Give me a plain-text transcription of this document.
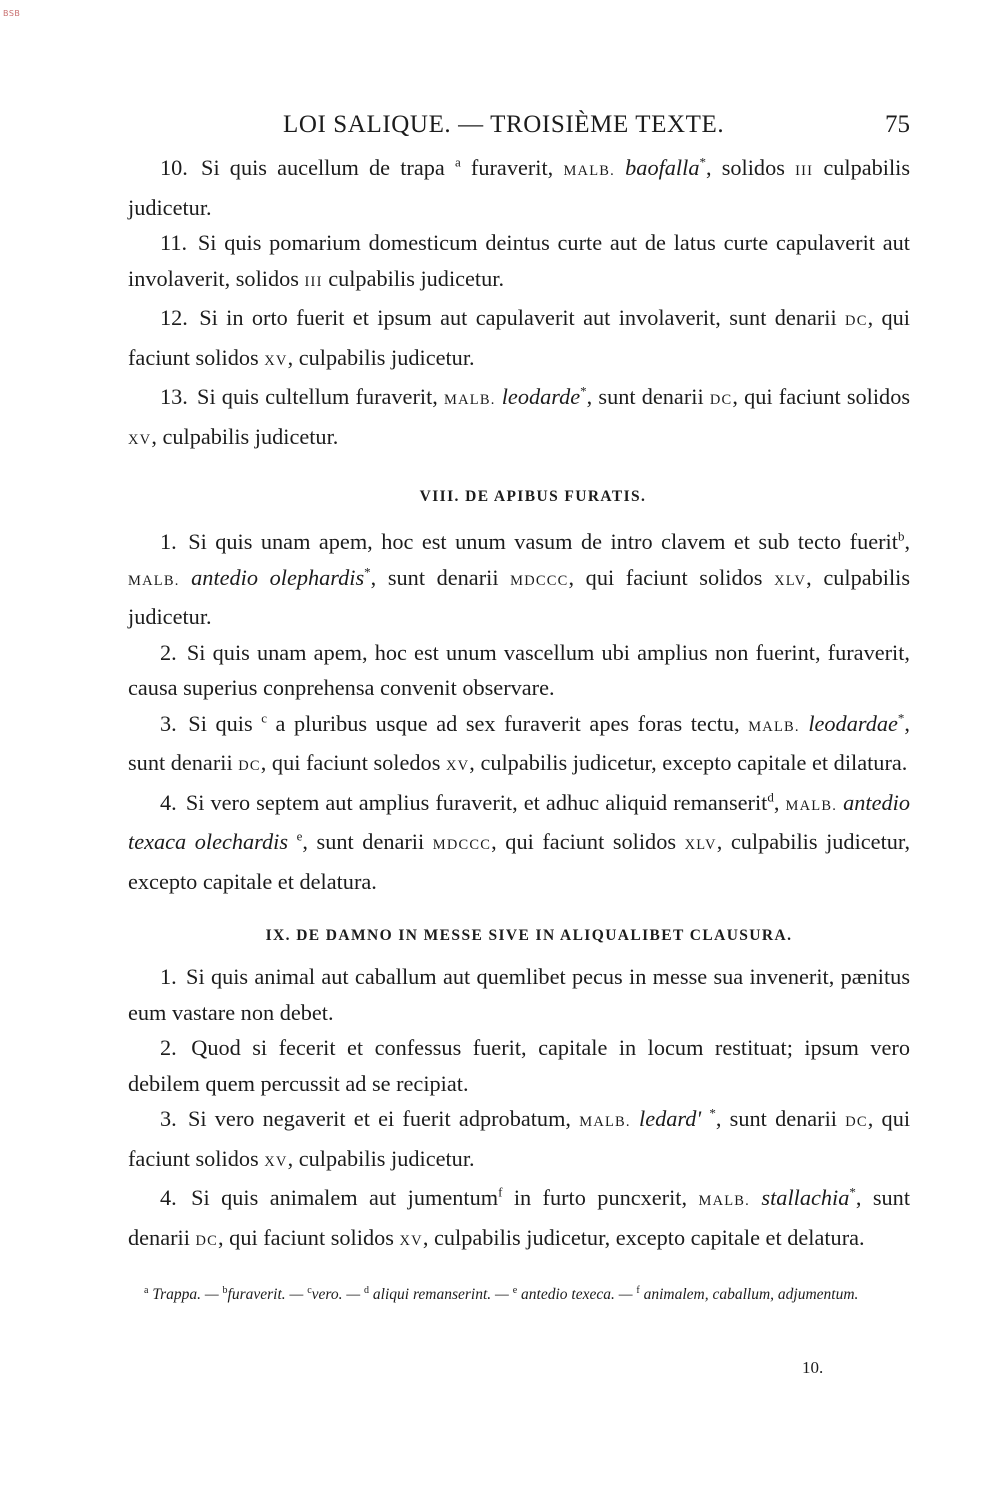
BSB
LOI SALIQUE. — TROISIÈME TEXTE.	75

10. Si quis aucellum de trapa $^a$ furaverit, MALB. baofalla*, solidos III culpabilis judicetur.

11. Si quis pomarium domesticum deintus curte aut de latus curte capulaverit aut involaverit, solidos III culpabilis judicetur.

12. Si in orto fuerit et ipsum aut capulaverit aut involaverit, sunt denarii DC, qui faciunt solidos XV, culpabilis judicetur.

13. Si quis cultellum furaverit, MALB. leodarde*, sunt denarii DC, qui faciunt solidos XV, culpabilis judicetur.

VIII. DE APIBUS FURATIS.

1. Si quis unam apem, hoc est unum vasum de intro clavem et sub tecto fuerit$^b$, MALB. antedio olephardis*, sunt denarii MDCCC, qui faciunt solidos XLV, culpabilis judicetur.

2. Si quis unam apem, hoc est unum vascellum ubi amplius non fuerint, furaverit, causa superius conprehensa convenit observare.

3. Si quis $^c$ a pluribus usque ad sex furaverit apes foras tectu, MALB. leodardae*, sunt denarii DC, qui faciunt soledos XV, culpabilis judicetur, excepto capitale et dilatura.

4. Si vero septem aut amplius furaverit, et adhuc aliquid remanserit$^d$, MALB. antedio texaca olechardis $^e$, sunt denarii MDCCC, qui faciunt solidos XLV, culpabilis judicetur, excepto capitale et delatura.

IX. DE DAMNO IN MESSE SIVE IN ALIQUALIBET CLAUSURA.

1. Si quis animal aut caballum aut quemlibet pecus in messe sua invenerit, pænitus eum vastare non debet.

2. Quod si fecerit et confessus fuerit, capitale in locum restituat; ipsum vero debilem quem percussit ad se recipiat.

3. Si vero negaverit et ei fuerit adprobatum, MALB. ledard' *, sunt denarii DC, qui faciunt solidos XV, culpabilis judicetur.

4. Si quis animalem aut jumentum$^f$ in furto puncxerit, MALB. stallachia*, sunt denarii DC, qui faciunt solidos XV, culpabilis judicetur, excepto capitale et delatura.

$^a$ Trappa. — $^b$furaverit. — $^c$vero. — $^d$ aliqui remanserint. — $^e$ antedio texeca. — $^f$ animalem, caballum, adjumentum.

10.
